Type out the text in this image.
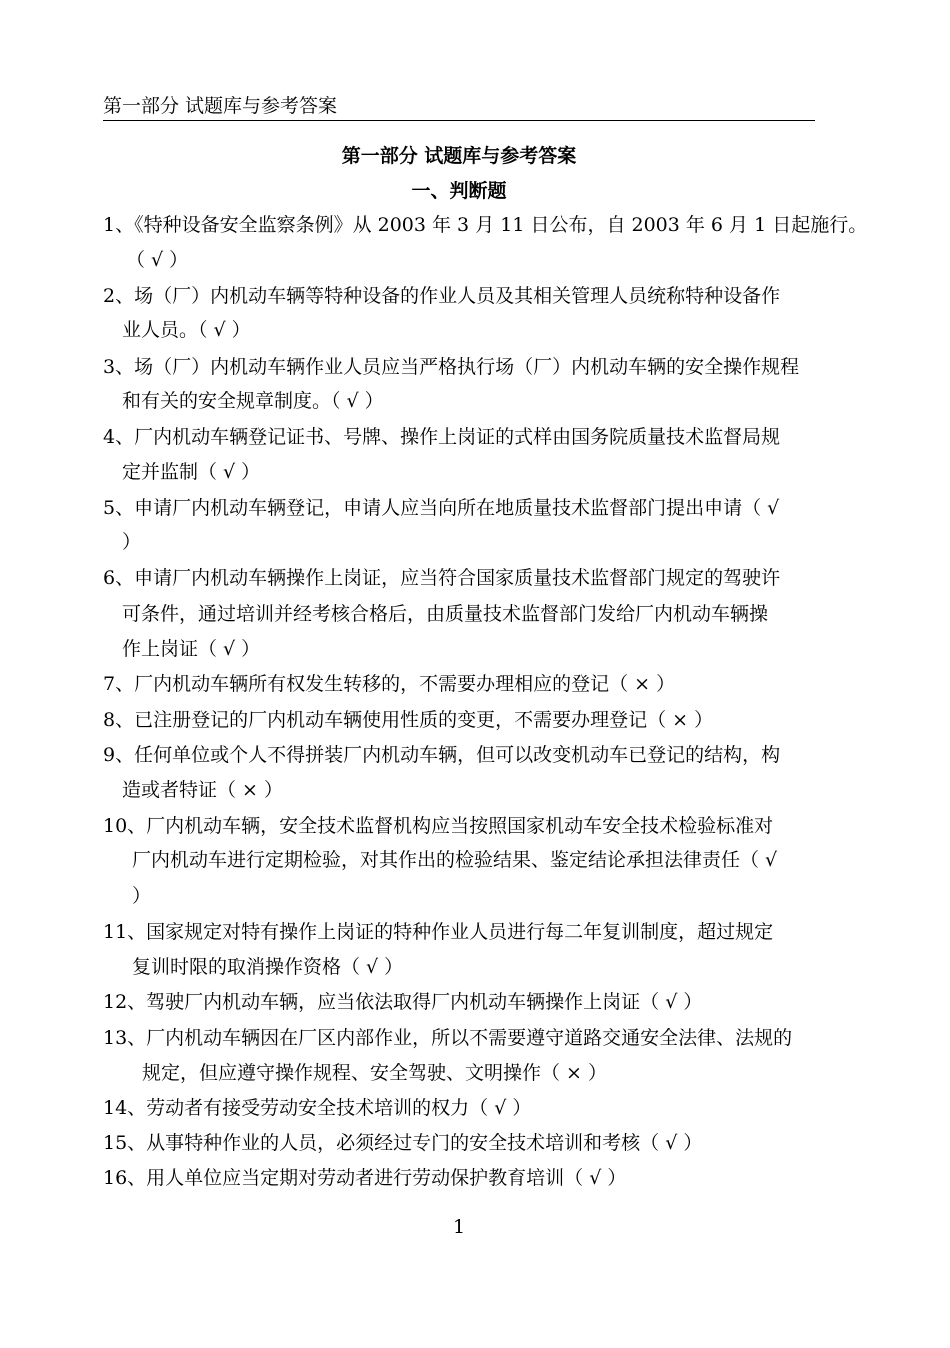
第一部分 试题库与参考答案
第一部分 试题库与参考答案
一、判断题
1、《特种设备安全监察条例》从 2003 年 3 月 11 日公布，自 2003 年 6 月 1 日起施行。
（ √ ）
2、场（厂）内机动车辆等特种设备的作业人员及其相关管理人员统称特种设备作
业人员。（ √ ）
3、场（厂）内机动车辆作业人员应当严格执行场（厂）内机动车辆的安全操作规程
和有关的安全规章制度。（ √ ）
4、厂内机动车辆登记证书、号牌、操作上岗证的式样由国务院质量技术监督局规
定并监制（ √ ）
5、申请厂内机动车辆登记，申请人应当向所在地质量技术监督部门提出申请（ √
）
6、申请厂内机动车辆操作上岗证，应当符合国家质量技术监督部门规定的驾驶许
可条件，通过培训并经考核合格后，由质量技术监督部门发给厂内机动车辆操
作上岗证（ √ ）
7、厂内机动车辆所有权发生转移的，不需要办理相应的登记（ × ）
8、已注册登记的厂内机动车辆使用性质的变更，不需要办理登记（ × ）
9、任何单位或个人不得拼装厂内机动车辆，但可以改变机动车已登记的结构，构
造或者特证（ × ）
10、厂内机动车辆，安全技术监督机构应当按照国家机动车安全技术检验标准对
厂内机动车进行定期检验，对其作出的检验结果、鉴定结论承担法律责任（ √
）
11、国家规定对特有操作上岗证的特种作业人员进行每二年复训制度，超过规定
复训时限的取消操作资格（ √ ）
12、驾驶厂内机动车辆，应当依法取得厂内机动车辆操作上岗证（ √ ）
13、厂内机动车辆因在厂区内部作业，所以不需要遵守道路交通安全法律、法规的
规定，但应遵守操作规程、安全驾驶、文明操作（ × ）
14、劳动者有接受劳动安全技术培训的权力（ √ ）
15、从事特种作业的人员，必须经过专门的安全技术培训和考核（ √ ）
16、用人单位应当定期对劳动者进行劳动保护教育培训（ √ ）
1
